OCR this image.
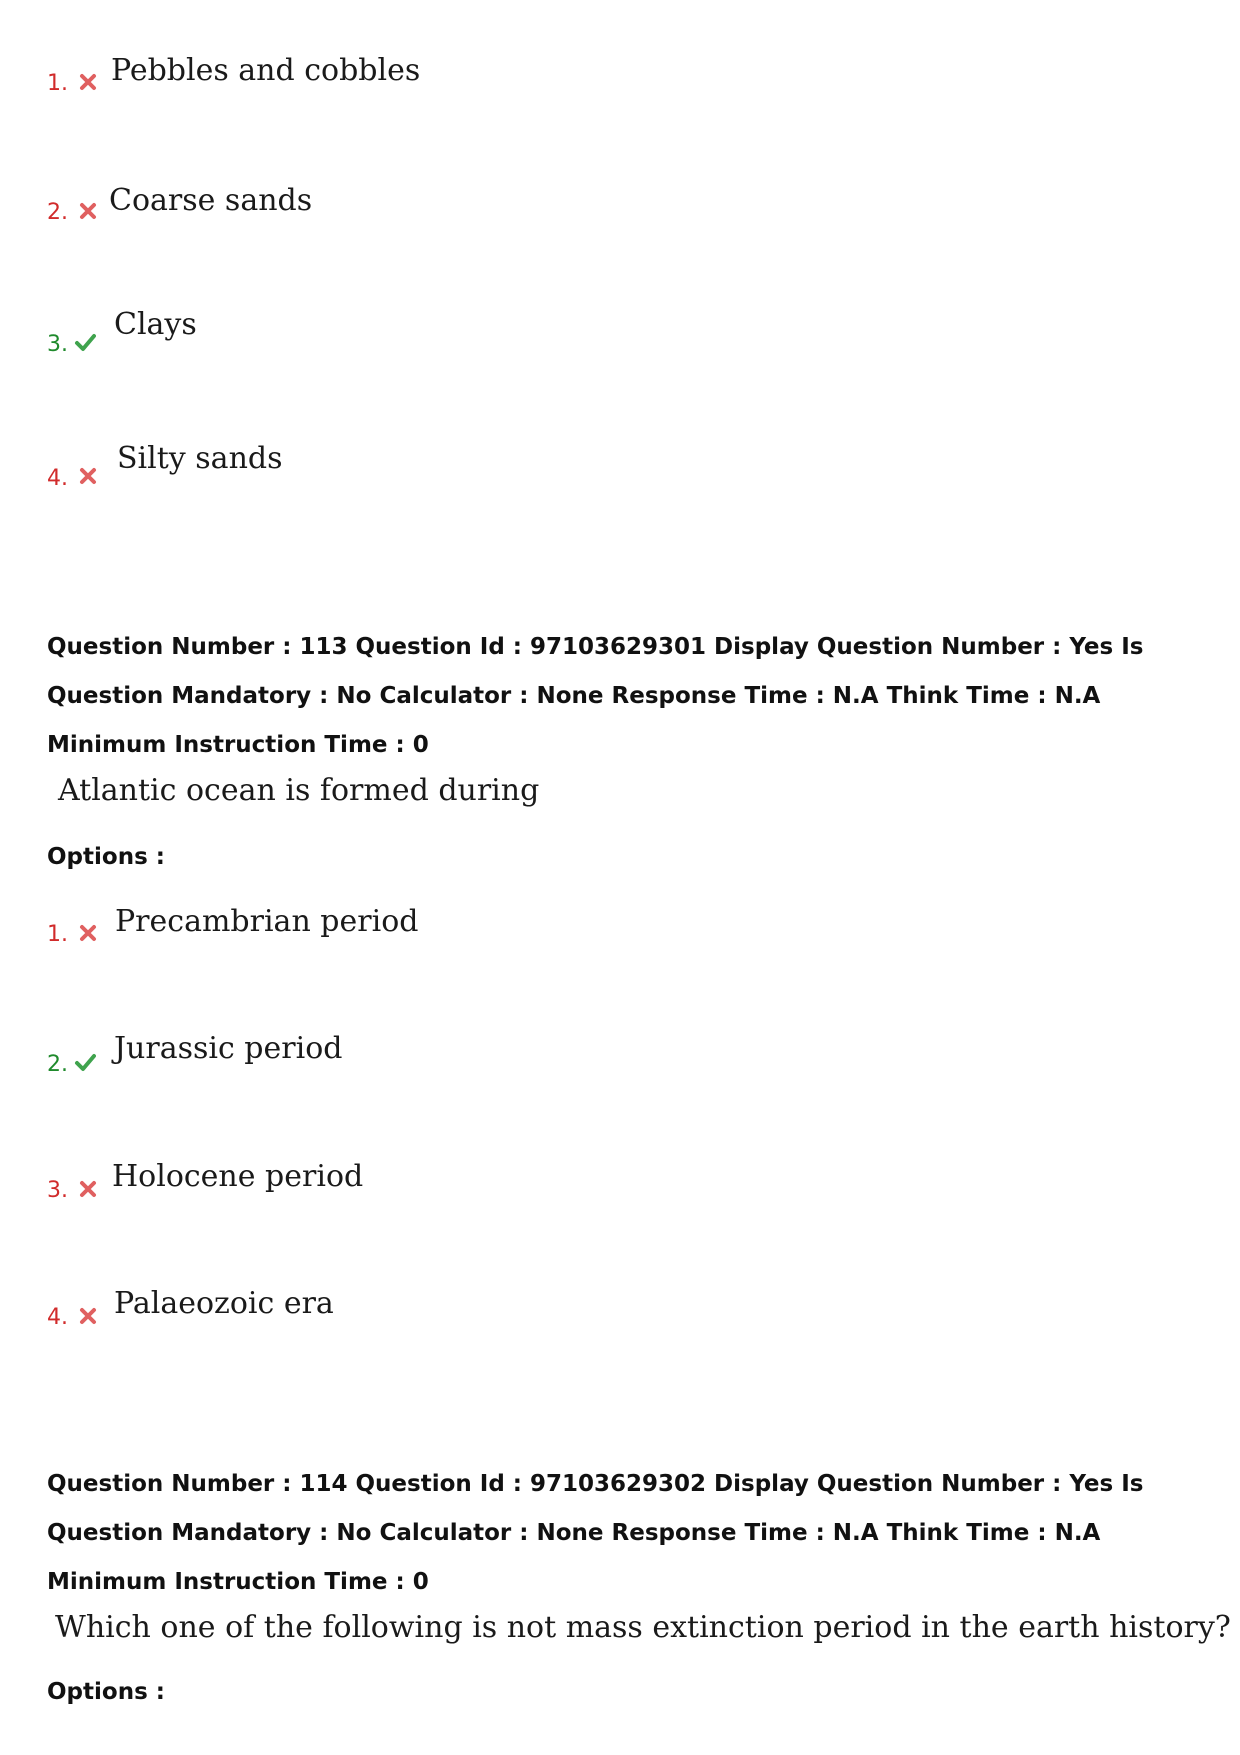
1. Pebbles and cobbles
2. Coarse sands
3.
Clays
4.
Silty sands
Question Number : 113 Question Id : 97103629301 Display Question Number : Yes Is Question Mandatory : No Calculator : None Response Time : N.A Think Time : N.A Minimum Instruction Time : 0
Atlantic ocean is formed during
Options :
1. Precambrian period
2. Jurassic period
3. Holocene period
4. Palaeozoic era
Question Number : 114 Question Id : 97103629302 Display Question Number : Yes Is Question Mandatory : No Calculator : None Response Time : N.A Think Time : N.A Minimum Instruction Time : 0
Which one of the following is not mass extinction period in the earth history?
Options :
